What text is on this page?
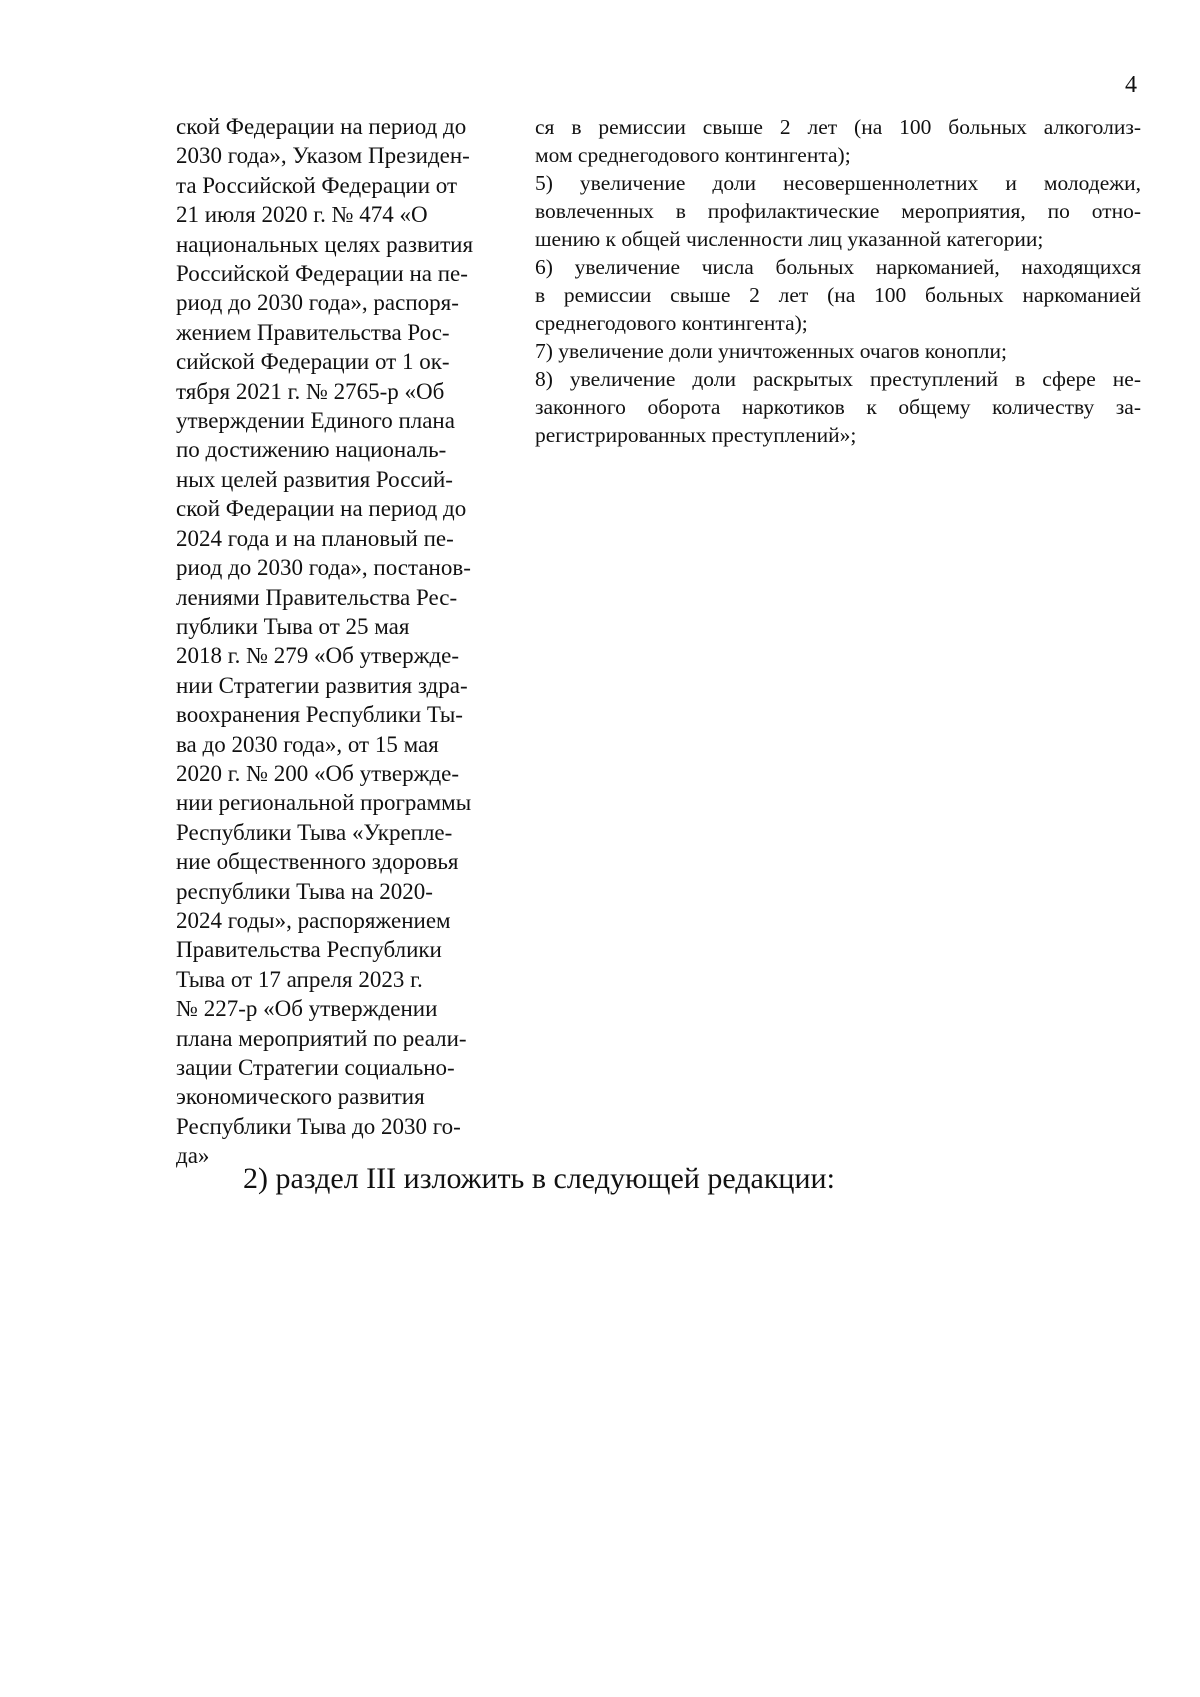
4
ской Федерации на период до
2030 года», Указом Президен-
та Российской Федерации от
21 июля 2020 г. № 474 «О
национальных целях развития
Российской Федерации на пе-
риод до 2030 года», распоря-
жением Правительства Рос-
сийской Федерации от 1 ок-
тября 2021 г. № 2765-р «Об
утверждении Единого плана
по достижению националь-
ных целей развития Россий-
ской Федерации на период до
2024 года и на плановый пе-
риод до 2030 года», постанов-
лениями Правительства Рес-
публики Тыва от 25 мая
2018 г. № 279 «Об утвержде-
нии Стратегии развития здра-
воохранения Республики Ты-
ва до 2030 года», от 15 мая
2020 г. № 200 «Об утвержде-
нии региональной программы
Республики Тыва «Укрепле-
ние общественного здоровья
республики Тыва на 2020-
2024 годы», распоряжением
Правительства Республики
Тыва от 17 апреля 2023 г.
№ 227-р «Об утверждении
плана мероприятий по реали-
зации Стратегии социально-
экономического развития
Республики Тыва до 2030 го-
да»
ся в ремиссии свыше 2 лет (на 100 больных алкоголиз-
мом среднегодового контингента);
5) увеличение доли несовершеннолетних и молодежи,
вовлеченных в профилактические мероприятия, по отно-
шению к общей численности лиц указанной категории;
6) увеличение числа больных наркоманией, находящихся
в ремиссии свыше 2 лет (на 100 больных наркоманией
среднегодового контингента);
7) увеличение доли уничтоженных очагов конопли;
8) увеличение доли раскрытых преступлений в сфере не-
законного оборота наркотиков к общему количеству за-
регистрированных преступлений»;
2) раздел III изложить в следующей редакции:
